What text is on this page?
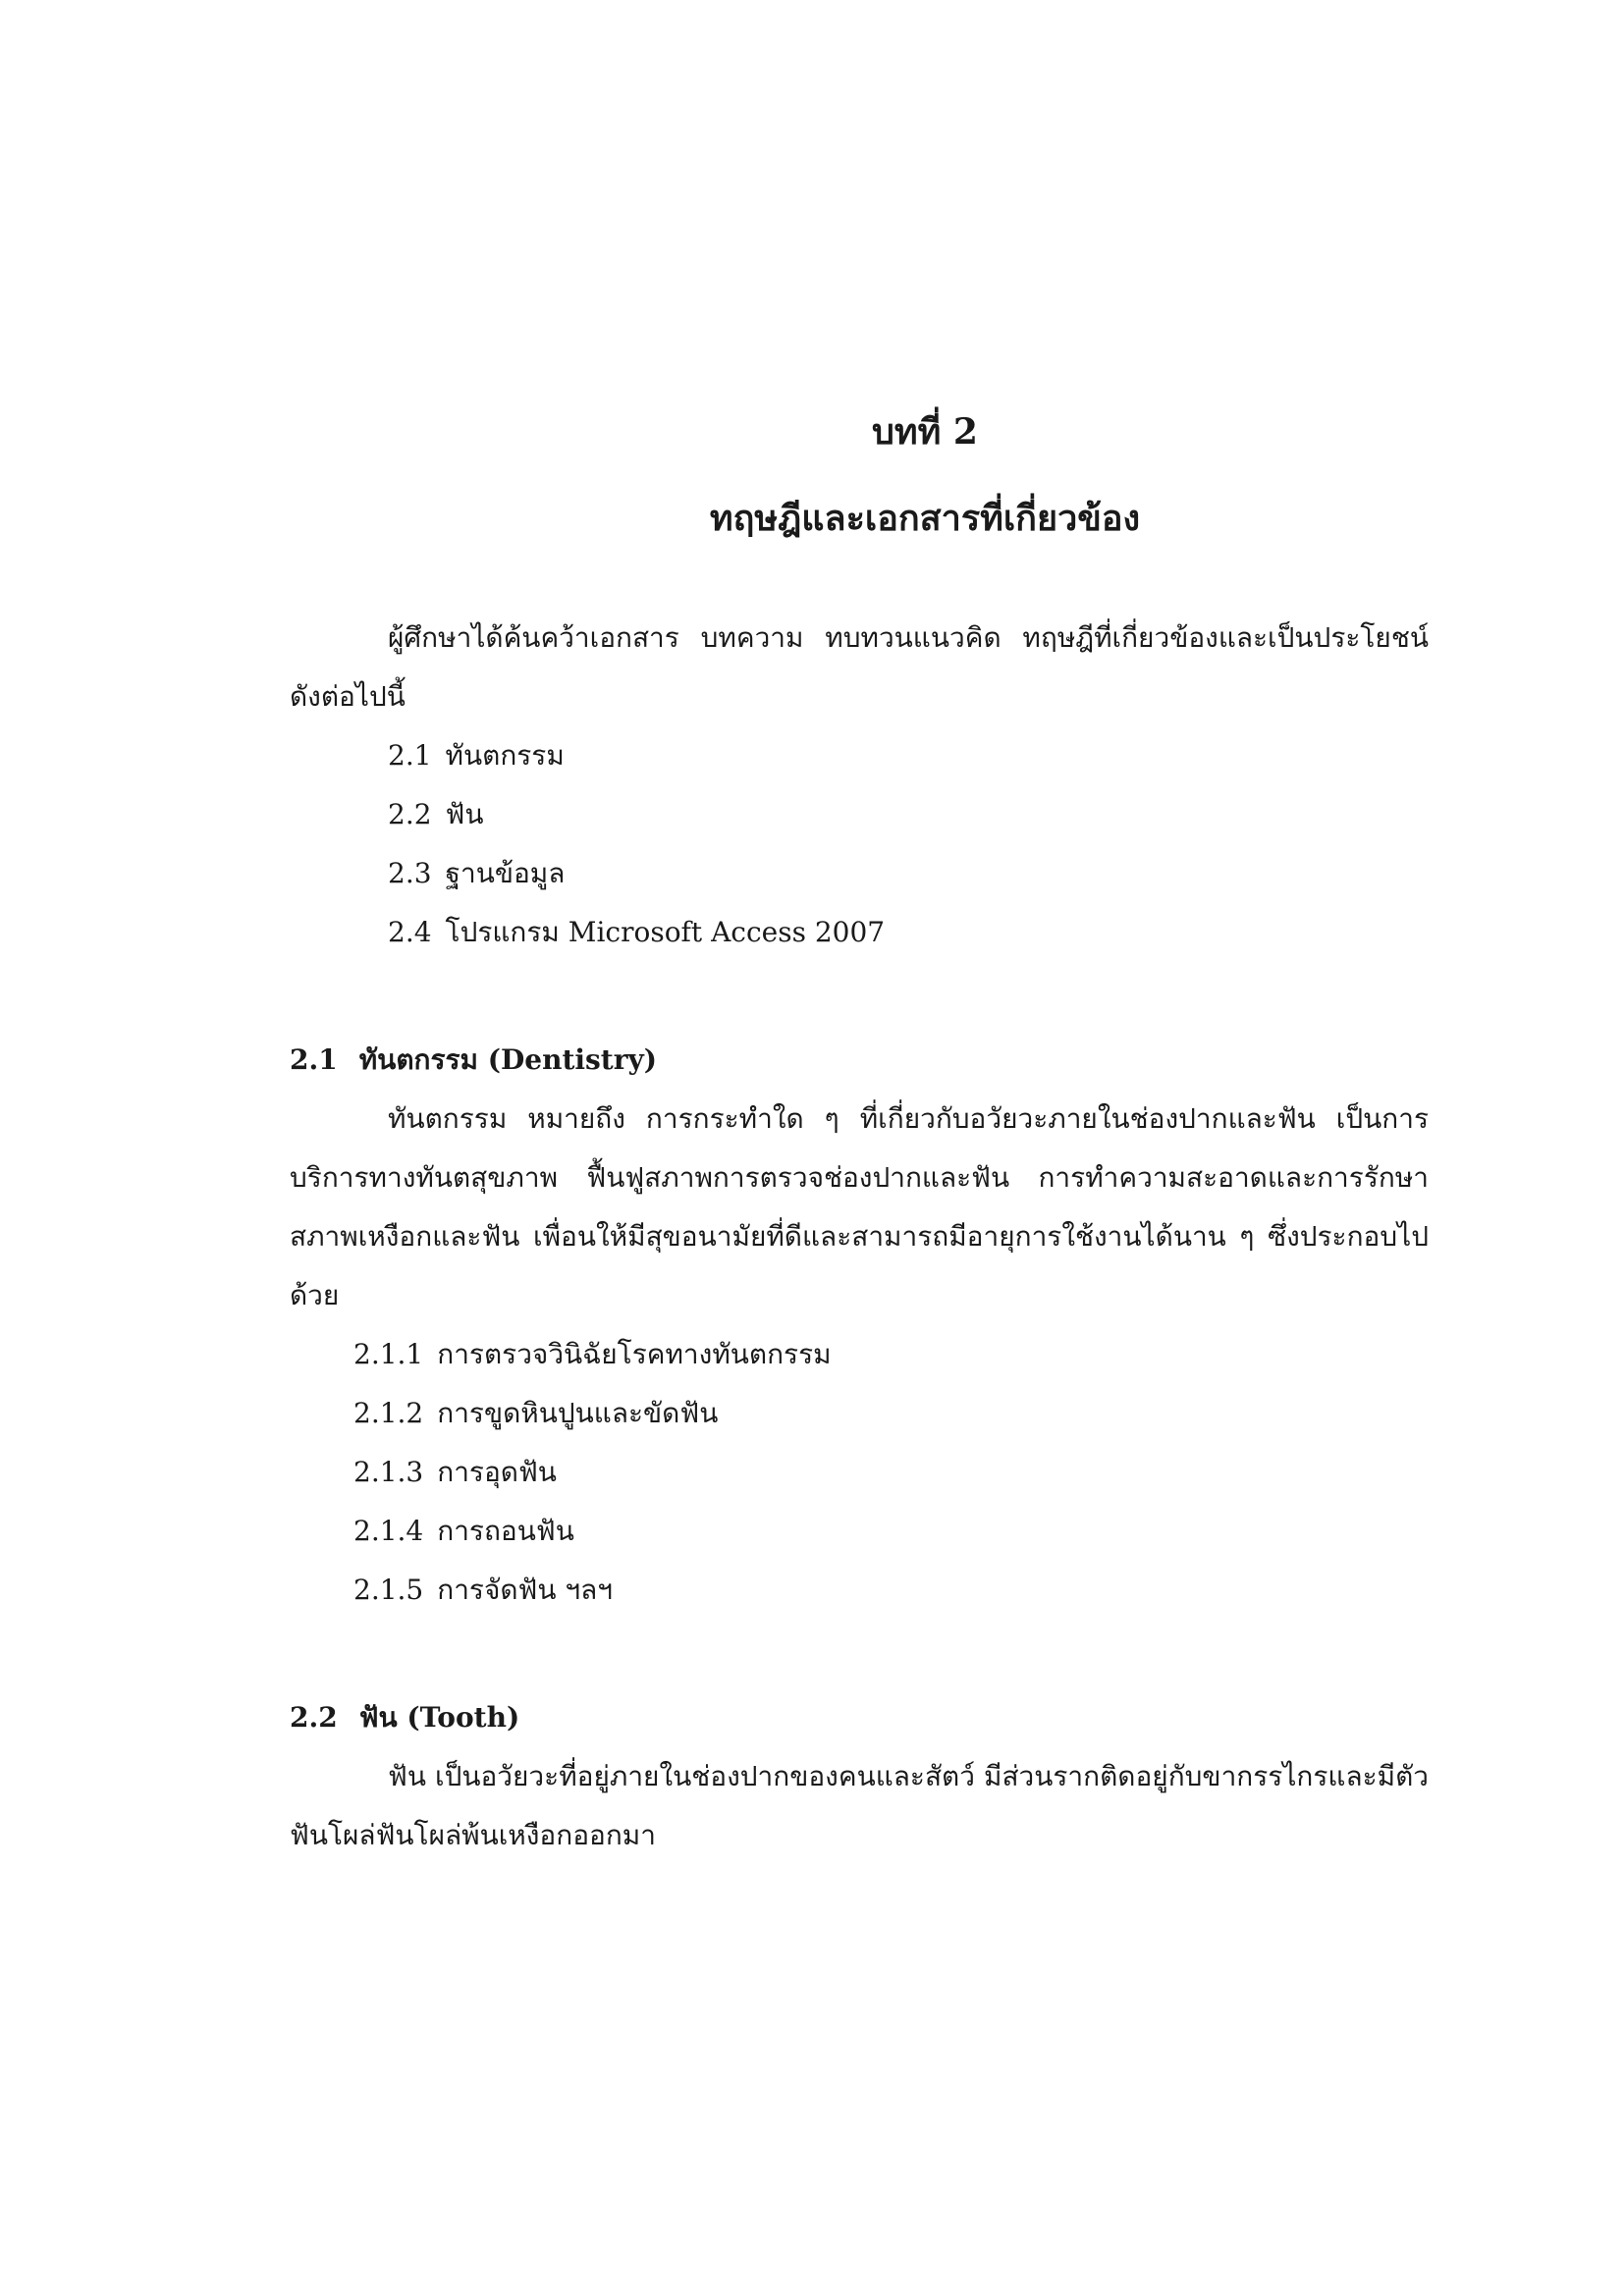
บทที่ 2
ทฤษฎีและเอกสารที่เกี่ยวข้อง

ผู้ศึกษาได้ค้นคว้าเอกสาร บทความ ทบทวนแนวคิด ทฤษฎีที่เกี่ยวข้องและเป็นประโยชน์ ดังต่อไปนี้

2.1 ทันตกรรม
2.2 ฟัน
2.3 ฐานข้อมูล
2.4 โปรแกรม Microsoft Access 2007

2.1 ทันตกรรม (Dentistry)

ทันตกรรม หมายถึง การกระทำใด ๆ ที่เกี่ยวกับอวัยวะภายในช่องปากและฟัน เป็นการบริการทางทันตสุขภาพ ฟื้นฟูสภาพการตรวจช่องปากและฟัน การทำความสะอาดและการรักษาสภาพเหงือกและฟัน เพื่อนให้มีสุขอนามัยที่ดีและสามารถมีอายุการใช้งานได้นาน ๆ ซึ่งประกอบไปด้วย

2.1.1 การตรวจวินิฉัยโรคทางทันตกรรม
2.1.2 การขูดหินปูนและขัดฟัน
2.1.3 การอุดฟัน
2.1.4 การถอนฟัน
2.1.5 การจัดฟัน ฯลฯ

2.2 ฟัน (Tooth)

ฟัน เป็นอวัยวะที่อยู่ภายในช่องปากของคนและสัตว์ มีส่วนรากติดอยู่กับขากรรไกรและมีตัวฟันโผล่ฟันโผล่พ้นเหงือกออกมา
